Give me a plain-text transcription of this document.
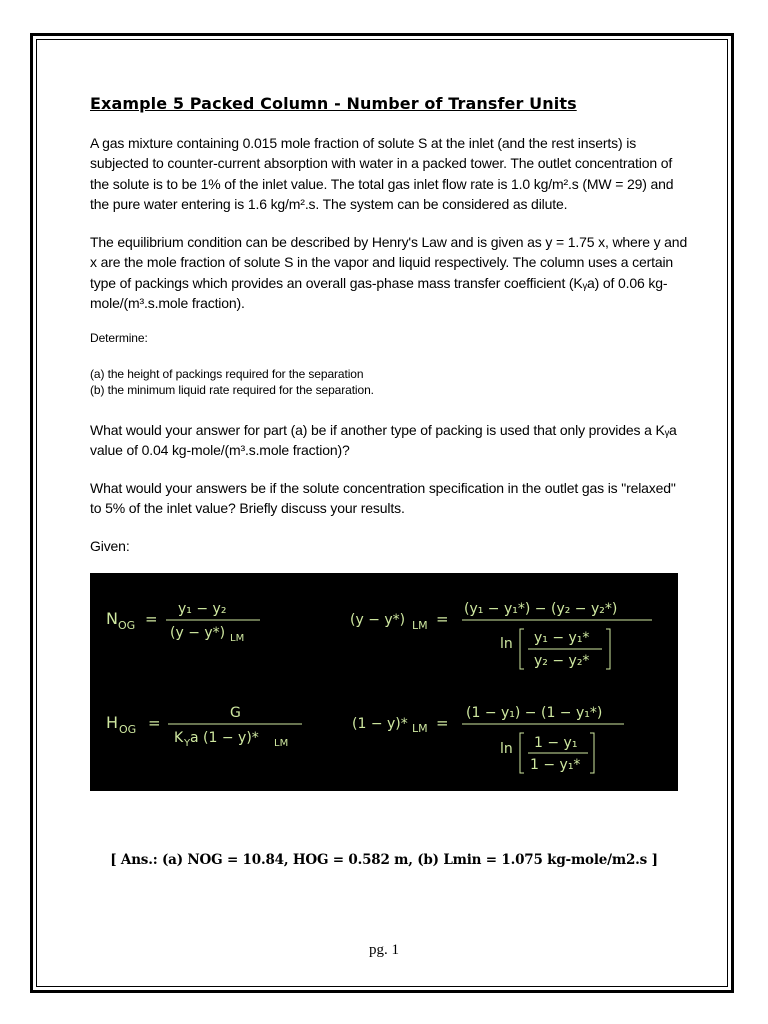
Example 5 Packed Column - Number of Transfer Units
A gas mixture containing 0.015 mole fraction of solute S at the inlet (and the rest inserts) is subjected to counter-current absorption with water in a packed tower. The outlet concentration of the solute is to be 1% of the inlet value. The total gas inlet flow rate is 1.0 kg/m².s (MW = 29) and the pure water entering is 1.6 kg/m².s. The system can be considered as dilute.
The equilibrium condition can be described by Henry's Law and is given as y = 1.75 x, where y and x are the mole fraction of solute S in the vapor and liquid respectively. The column uses a certain type of packings which provides an overall gas-phase mass transfer coefficient (Kᵧa) of 0.06 kg-mole/(m³.s.mole fraction).
Determine:
(a) the height of packings required for the separation
(b) the minimum liquid rate required for the separation.
What would your answer for part (a) be if another type of packing is used that only provides a Kᵧa value of 0.04 kg-mole/(m³.s.mole fraction)?
What would your answers be if the solute concentration specification in the outlet gas is "relaxed" to 5% of the inlet value? Briefly discuss your results.
Given:
N OG =
y₁ − y₂
(y − y*) LM
(y − y*) LM =
(y₁ − y₁*) − (y₂ − y₂*)
ln y₁ − y₁*
y₂ − y₂*
H OG =
G
K Y a (1 − y)* LM
(1 − y)* LM =
(1 − y₁) − (1 − y₁*)
ln 1 − y₁
1 − y₁*
[ Ans.: (a) NOG = 10.84, HOG = 0.582 m, (b) Lmin = 1.075 kg-mole/m2.s ]
pg. 1
